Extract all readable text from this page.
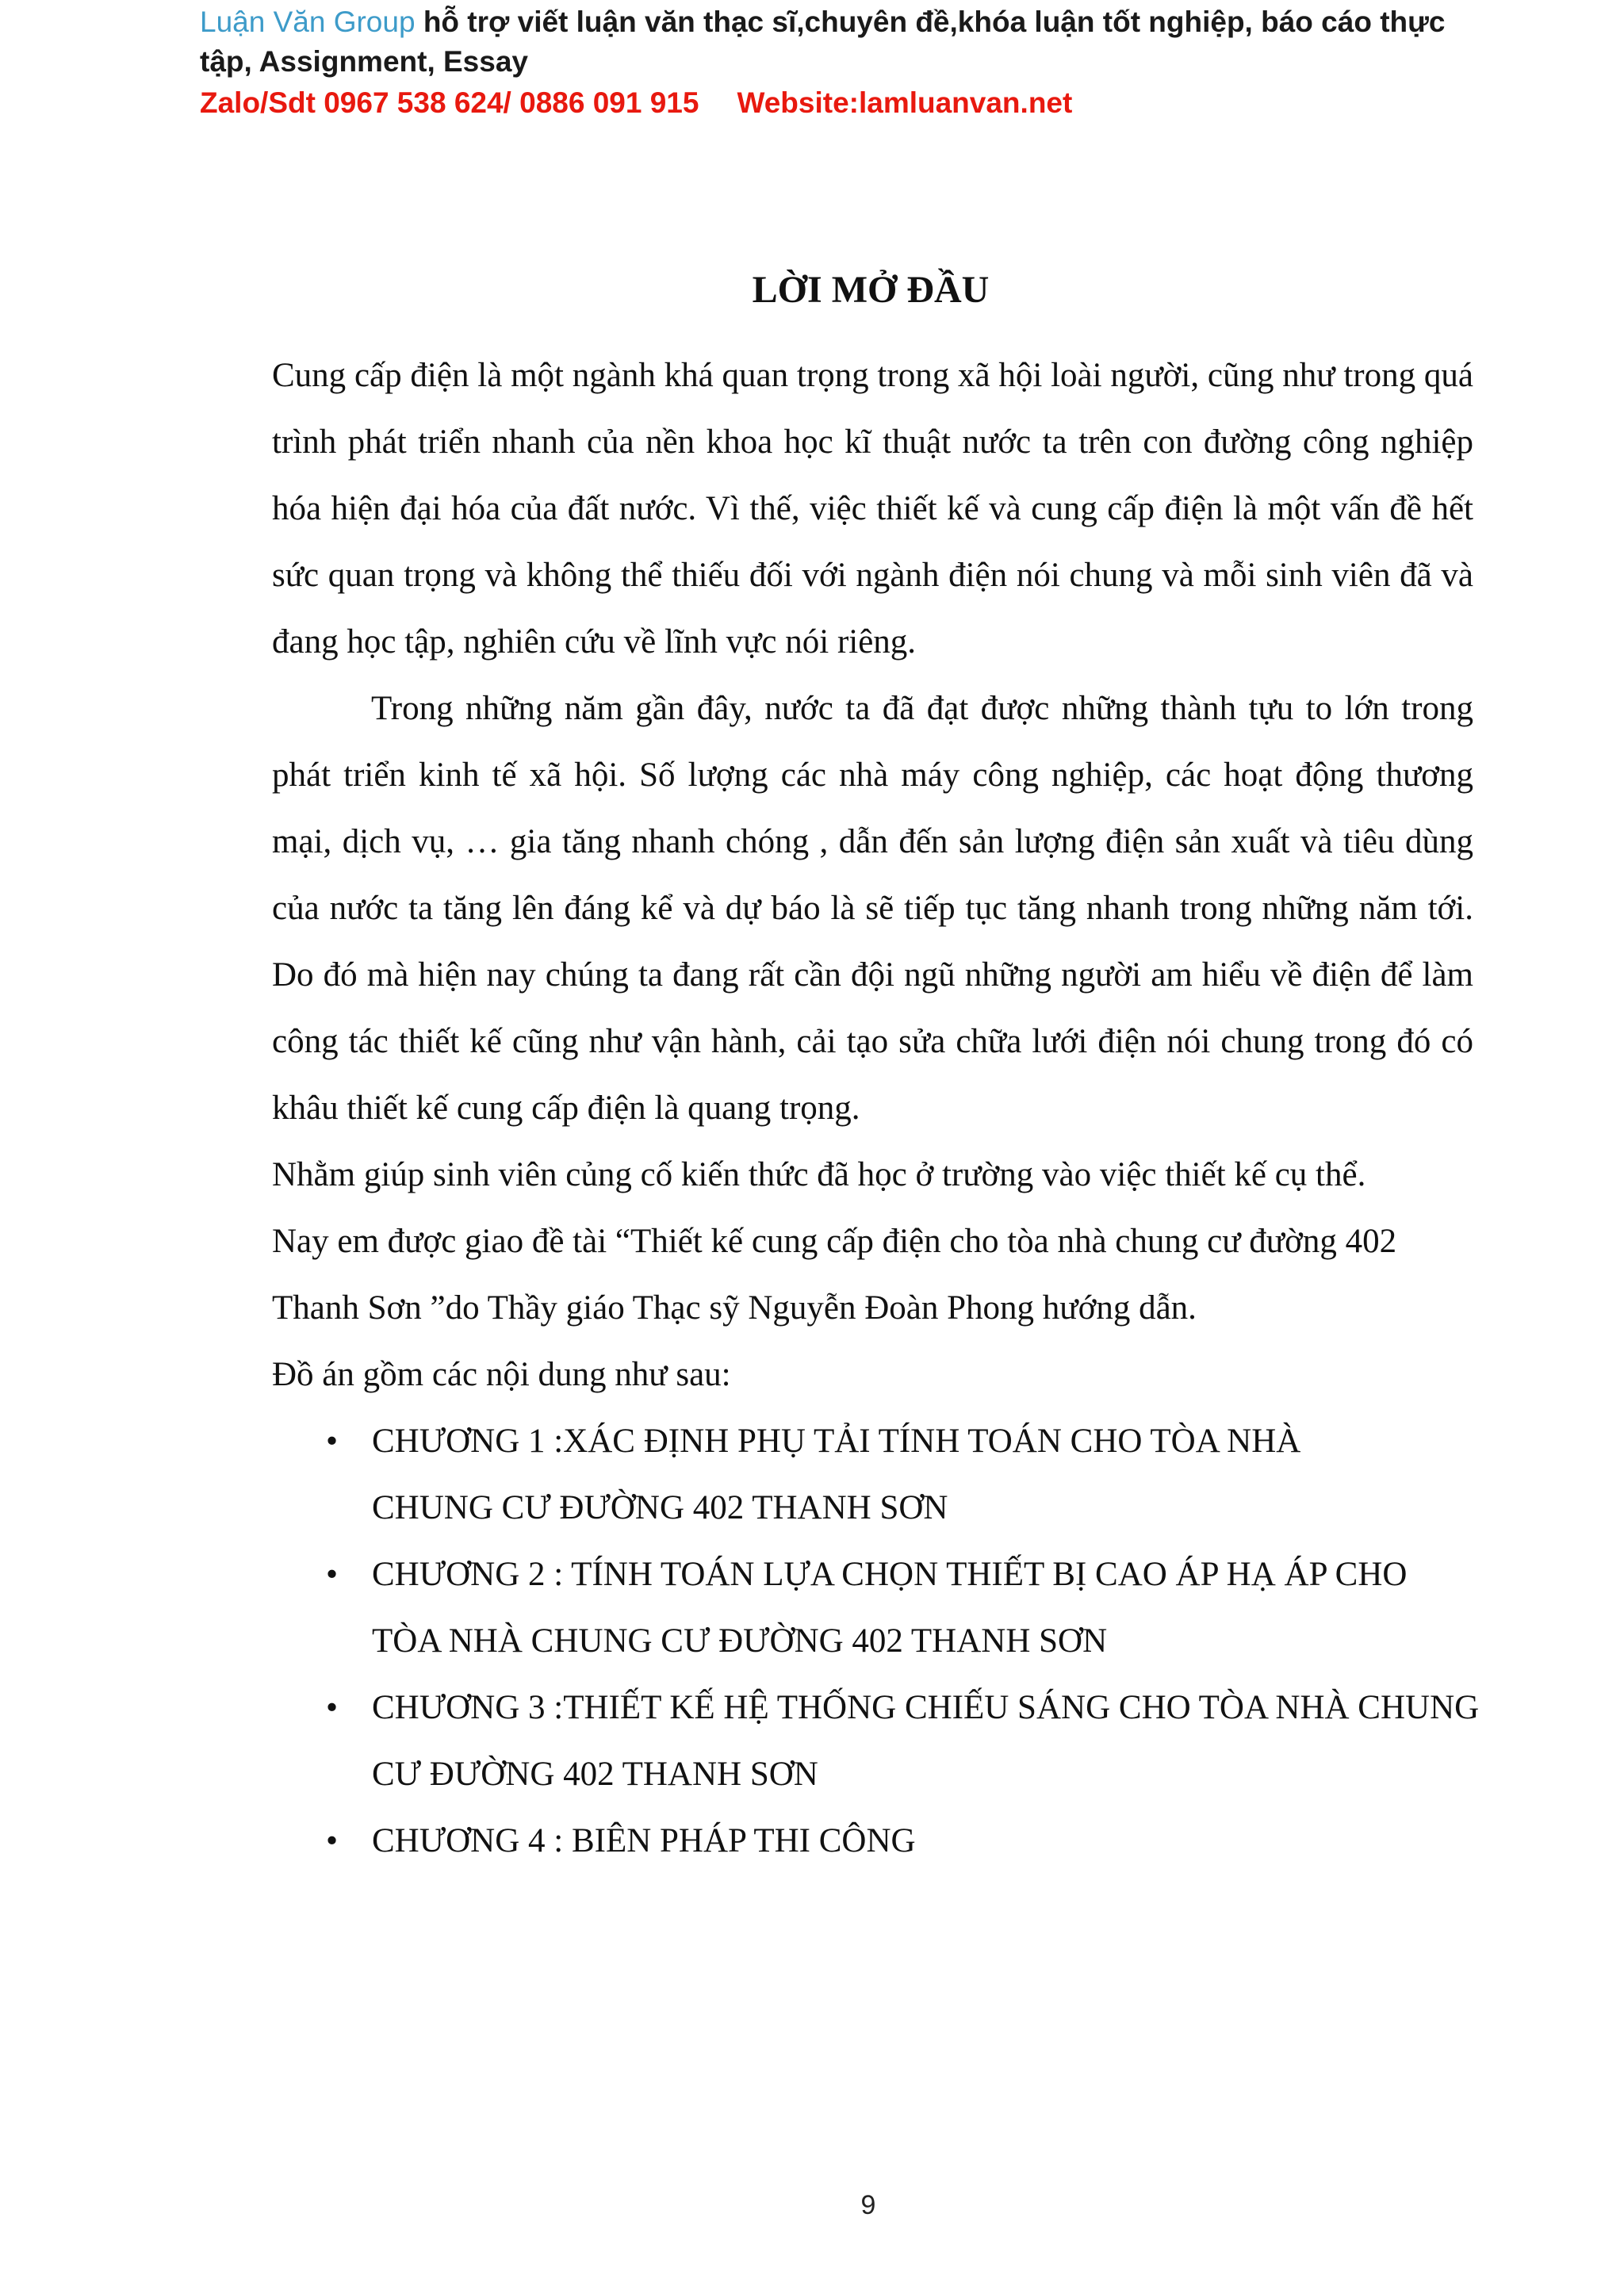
Luận Văn Group hỗ trợ viết luận văn thạc sĩ,chuyên đề,khóa luận tốt nghiệp, báo cáo thực
tập, Assignment, Essay
Zalo/Sdt 0967 538 624/ 0886 091 915 Website:lamluanvan.net
LỜI MỞ ĐẦU

Cung cấp điện là một ngành khá quan trọng trong xã hội loài người, cũng như trong quá trình phát triển nhanh của nền khoa học kĩ thuật nước ta trên con đường công nghiệp hóa hiện đại hóa của đất nước. Vì thế, việc thiết kế và cung cấp điện là một vấn đề hết sức quan trọng và không thể thiếu đối với ngành điện nói chung và mỗi sinh viên đã và đang học tập, nghiên cứu về lĩnh vực nói riêng.

Trong những năm gần đây, nước ta đã đạt được những thành tựu to lớn trong phát triển kinh tế xã hội. Số lượng các nhà máy công nghiệp, các hoạt động thương mại, dịch vụ, … gia tăng nhanh chóng , dẫn đến sản lượng điện sản xuất và tiêu dùng của nước ta tăng lên đáng kể và dự báo là sẽ tiếp tục tăng nhanh trong những năm tới. Do đó mà hiện nay chúng ta đang rất cần đội ngũ những người am hiểu về điện để làm công tác thiết kế cũng như vận hành, cải tạo sửa chữa lưới điện nói chung trong đó có khâu thiết kế cung cấp điện là quang trọng.

Nhằm giúp sinh viên củng cố kiến thức đã học ở trường vào việc thiết kế cụ thể. Nay em được giao đề tài “Thiết kế cung cấp điện cho tòa nhà chung cư đường 402 Thanh Sơn ”do Thầy giáo Thạc sỹ Nguyễn Đoàn Phong hướng dẫn.

Đồ án gồm các nội dung như sau:

• CHƯƠNG 1 :XÁC ĐỊNH PHỤ TẢI TÍNH TOÁN CHO TÒA NHÀ CHUNG CƯ ĐƯỜNG 402 THANH SƠN
• CHƯƠNG 2 : TÍNH TOÁN LỰA CHỌN THIẾT BỊ CAO ÁP HẠ ÁP CHO TÒA NHÀ CHUNG CƯ ĐƯỜNG 402 THANH SƠN
• CHƯƠNG 3 :THIẾT KẾ HỆ THỐNG CHIẾU SÁNG CHO TÒA NHÀ CHUNG CƯ ĐƯỜNG 402 THANH SƠN
• CHƯƠNG 4 : BIÊN PHÁP THI CÔNG
9
